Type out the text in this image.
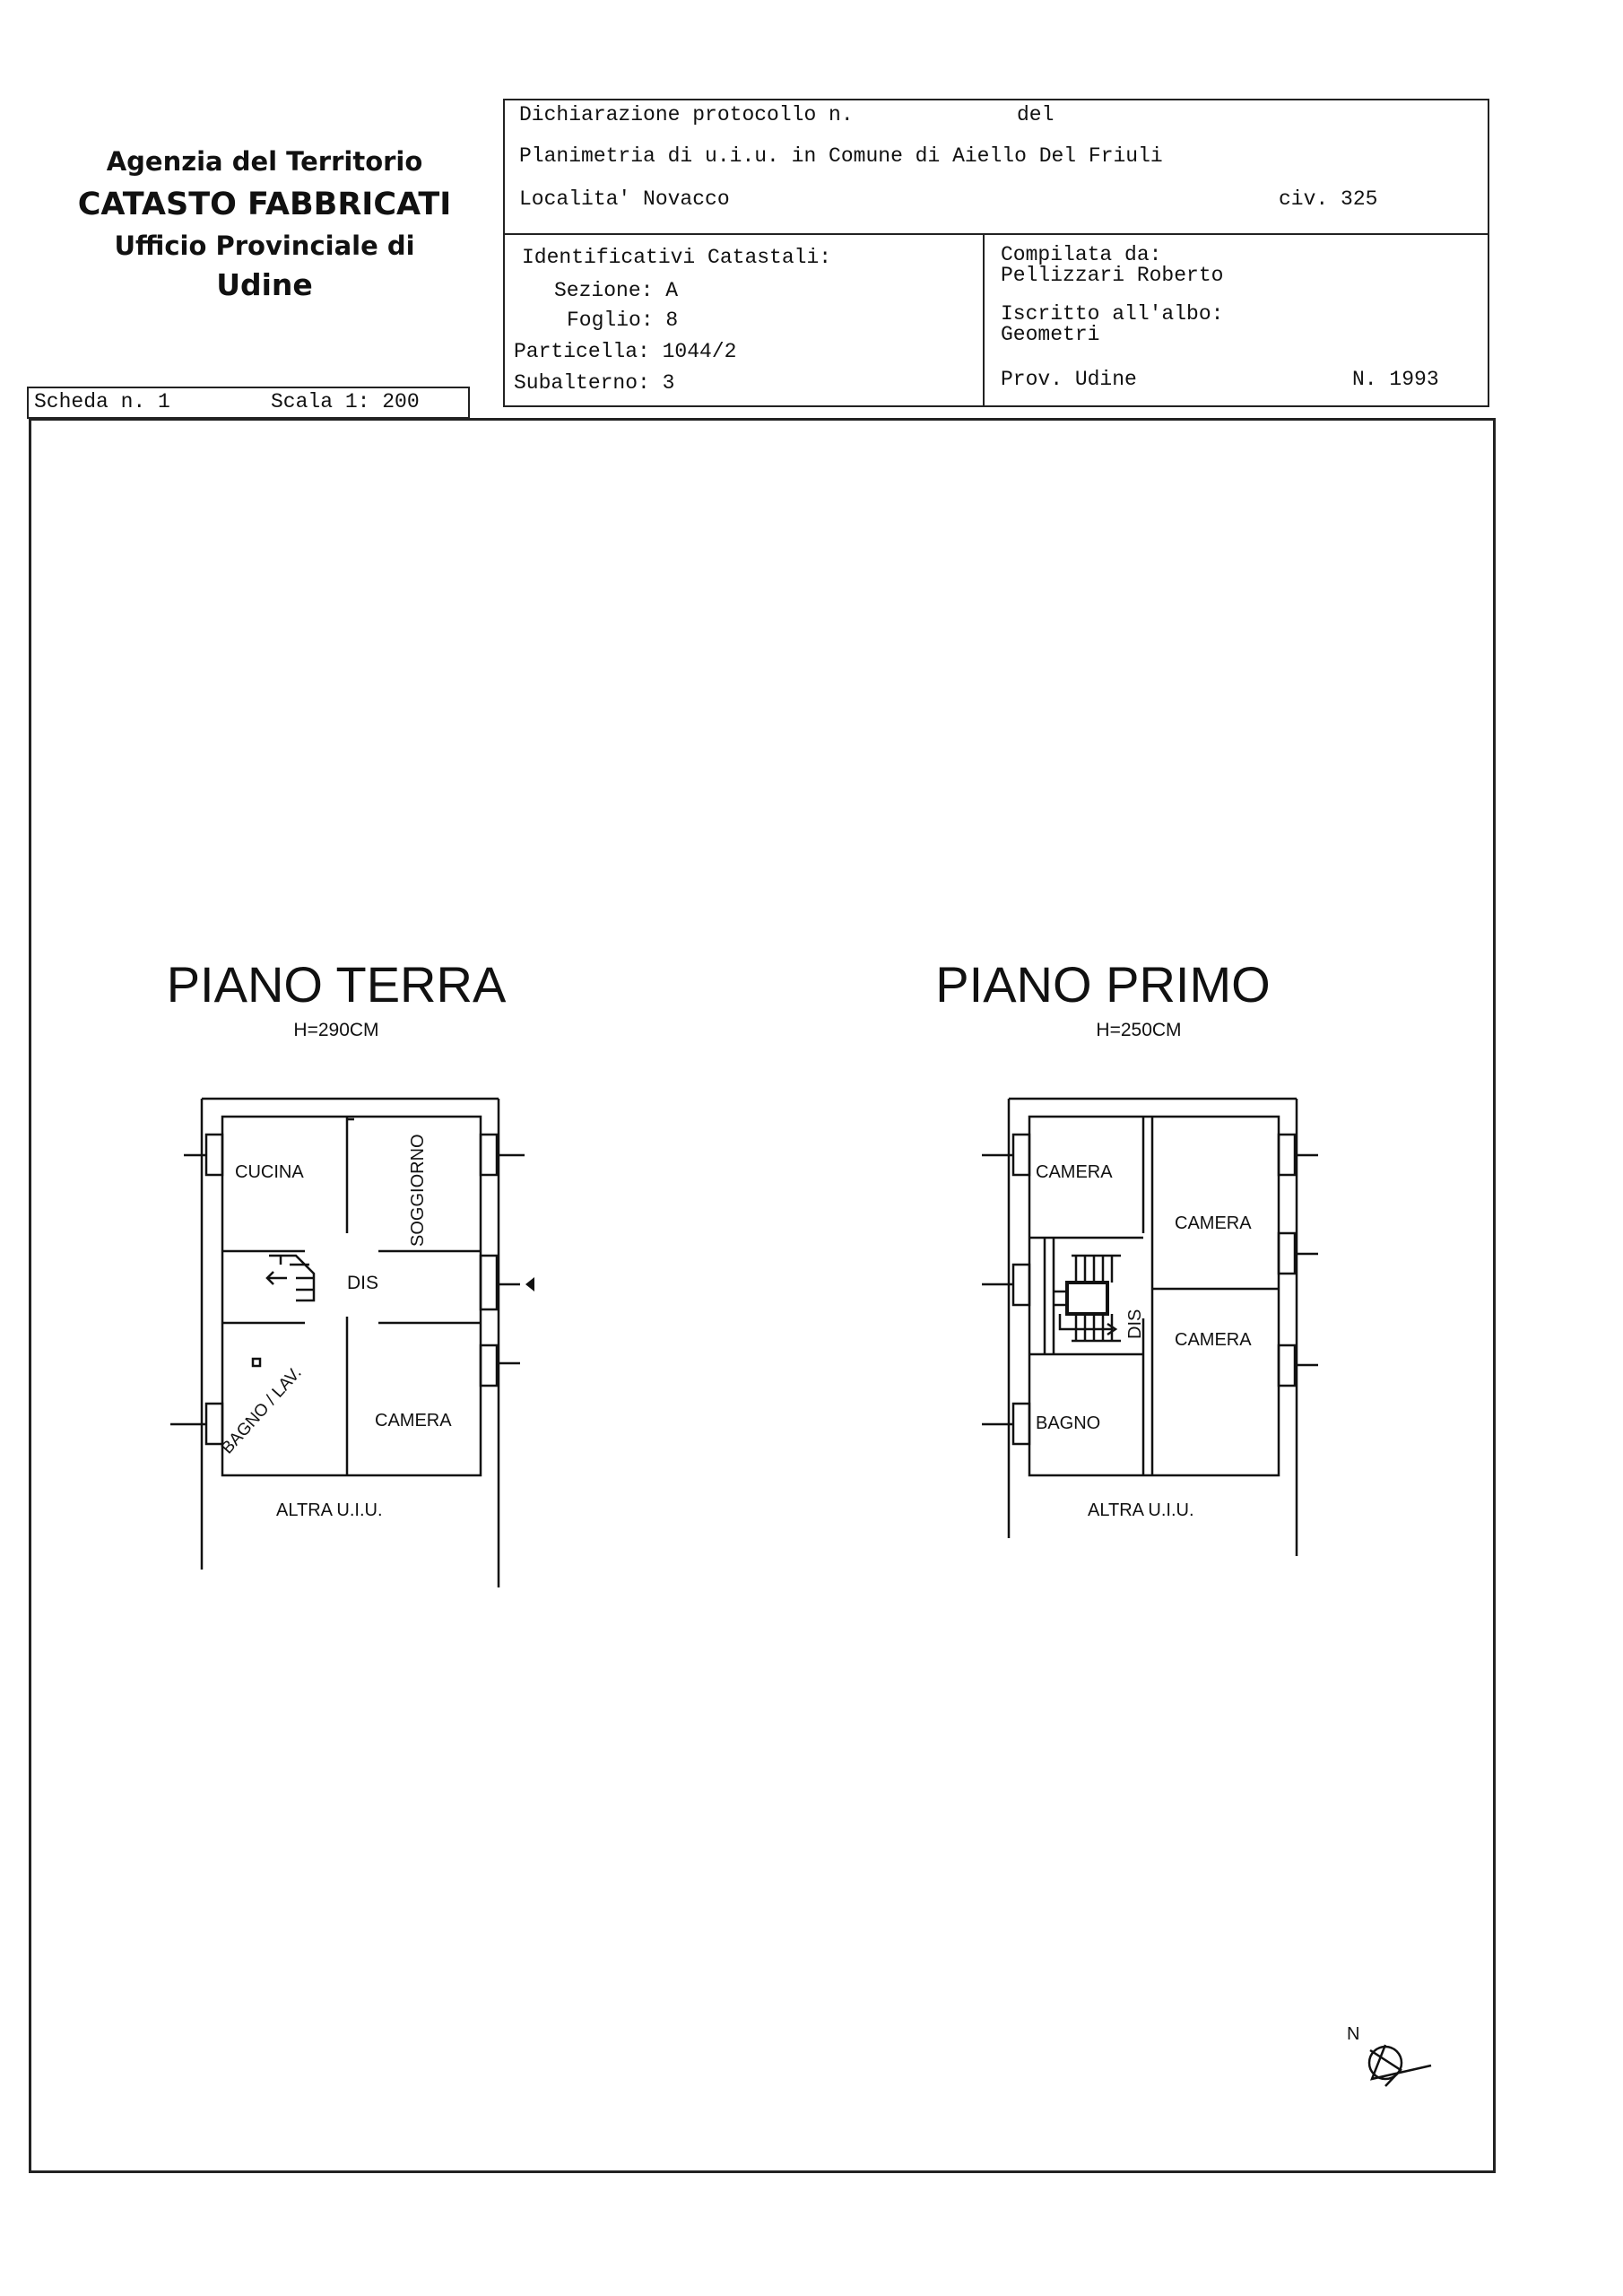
Agenzia del Territorio
CATASTO FABBRICATI
Ufficio Provinciale di
Udine
Scheda n. 1	Scala 1: 200
Dichiarazione protocollo n.	del
Planimetria di u.i.u. in Comune di Aiello Del Friuli
Localita' Novacco	civ. 325
Identificativi Catastali:
Sezione: A
Foglio: 8
Particella: 1044/2
Subalterno: 3
Compilata da:
Pellizzari Roberto
Iscritto all'albo:
Geometri
Prov. Udine	N. 1993
PIANO TERRA
H=290CM
PIANO PRIMO
H=250CM
CUCINA	SOGGIORNO
DIS
BAGNO / LAV.	CAMERA
ALTRA U.I.U.
CAMERA
CAMERA
CAMERA
DIS
BAGNO
ALTRA U.I.U.
N
